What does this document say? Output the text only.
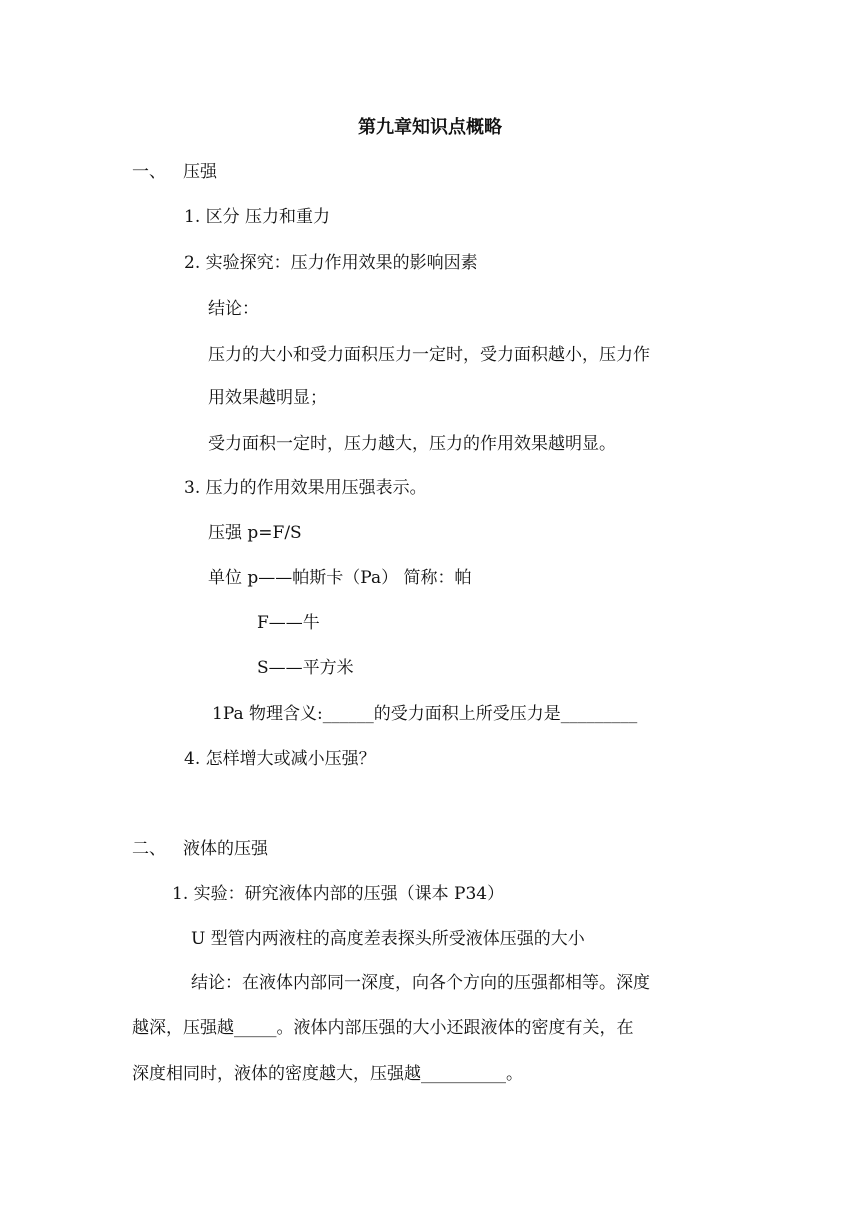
第九章知识点概略
一、 压强
1. 区分 压力和重力
2. 实验探究：压力作用效果的影响因素
结论：
压力的大小和受力面积压力一定时，受力面积越小，压力作
用效果越明显；
受力面积一定时，压力越大，压力的作用效果越明显。
3. 压力的作用效果用压强表示。
压强 p=F/S
单位 p——帕斯卡（Pa） 简称：帕
F——牛
S——平方米
1Pa 物理含义:______的受力面积上所受压力是_________
4. 怎样增大或减小压强？
二、 液体的压强
1. 实验：研究液体内部的压强（课本 P34）
U 型管内两液柱的高度差表探头所受液体压强的大小
结论：在液体内部同一深度，向各个方向的压强都相等。深度
越深，压强越_____。液体内部压强的大小还跟液体的密度有关，在
深度相同时，液体的密度越大，压强越__________。
